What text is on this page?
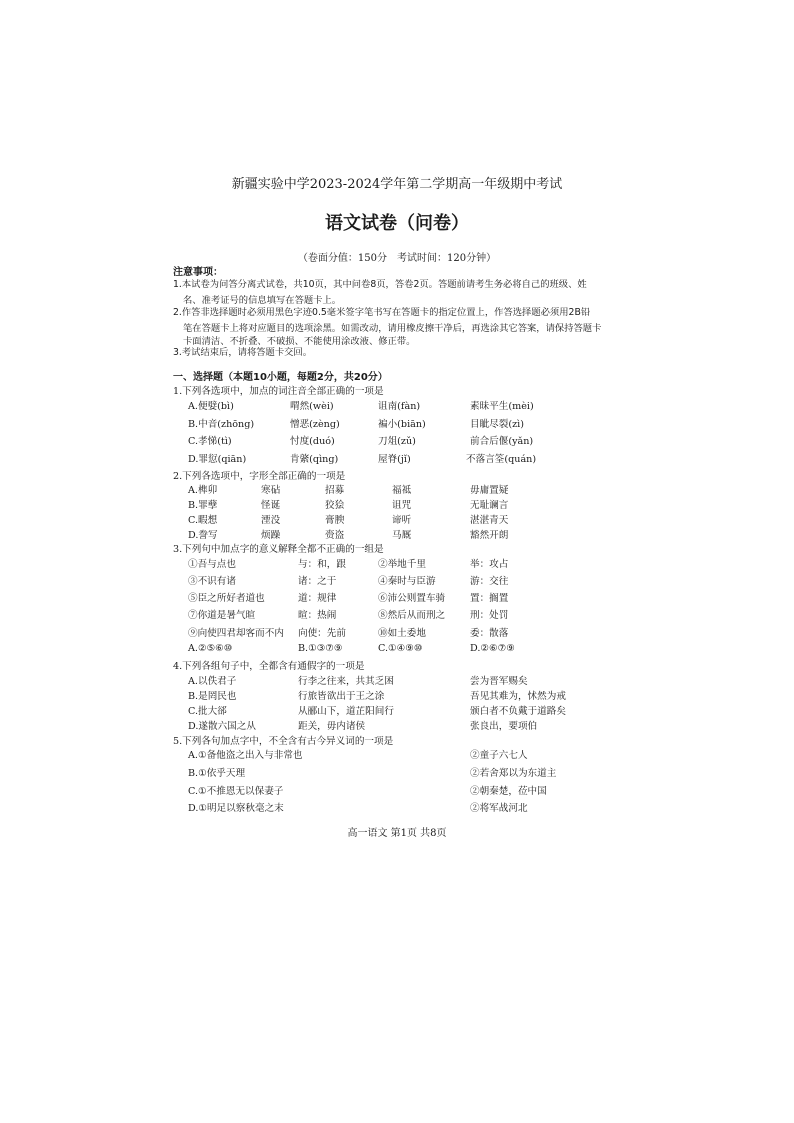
新疆实验中学2023-2024学年第二学期高一年级期中考试
语文试卷（问卷）
（卷面分值：150分　考试时间：120分钟）
注意事项：
1.本试卷为问答分离式试卷，共10页，其中问卷8页，答卷2页。答题前请考生务必将自己的班级、姓
名、准考证号的信息填写在答题卡上。
2.作答非选择题时必须用黑色字迹0.5毫米签字笔书写在答题卡的指定位置上，作答选择题必须用2B铅
笔在答题卡上将对应题目的选项涂黑。如需改动，请用橡皮擦干净后，再选涂其它答案，请保持答题卡
卡面清洁、不折叠、不破损、不能使用涂改液、修正带。
3.考试结束后，请将答题卡交回。
一、选择题（本题10小题，每题2分，共20分）
1.下列各选项中，加点的词注音全部正确的一项是
A.便嬖(bì)	喟然(wèi)	诅南(fàn)	素昧平生(mèi)
B.中音(zhōng)	憎恶(zèng)	褊小(biān)	目眦尽裂(zì)
C.孝悌(tì)	忖度(duó)	刀俎(zǔ)	前合后偃(yǎn)
D.罪愆(qiān)	肯綮(qìng)	屋脊(jǐ)	不落言筌(quán)
2.下列各选项中，字形全部正确的一项是
A.榫卯	寒砧	招募	福祗	毋庸置疑
B.罪孽	怪诞	狡狯	诅咒	无耻谰言
C.暇想	湮没	膏腴	谛听	湛湛青天
D.誊写	烦躁	赍盗	马厩	豁然开朗
3.下列句中加点字的意义解释全都不正确的一组是
①吾与点也	与：和，跟	②举地千里	举：攻占
③不识有诸	诸：之于	④秦时与臣游	游：交往
⑤臣之所好者道也	道：规律	⑥沛公则置车骑	置：搁置
⑦你道是暑气暄	暄：热闹	⑧然后从而刑之	刑：处罚
⑨向使四君却客而不内 向使：先前	⑩如土委地	委：散落
A.②⑤⑥⑩	B.①③⑦⑨	C.①④⑨⑩	D.②⑥⑦⑨
4.下列各组句子中，全都含有通假字的一项是
A.以佚君子	行李之往来，共其乏困	尝为晋军赐矣
B.是罔民也	行旅皆欲出于王之涂	吾见其难为，怵然为戒
C.批大郤	从郦山下，道芷阳间行	颁白者不负戴于道路矣
D.遂散六国之从	距关，毋内诸侯	张良出，要项伯
5.下列各句加点字中，不全含有古今异义词的一项是
A.①备他盗之出入与非常也	②童子六七人
B.①依乎天理	②若舍郑以为东道主
C.①不推恩无以保妻子	②朝秦楚，莅中国
D.①明足以察秋毫之末	②将军战河北
高一语文 第1页 共8页
